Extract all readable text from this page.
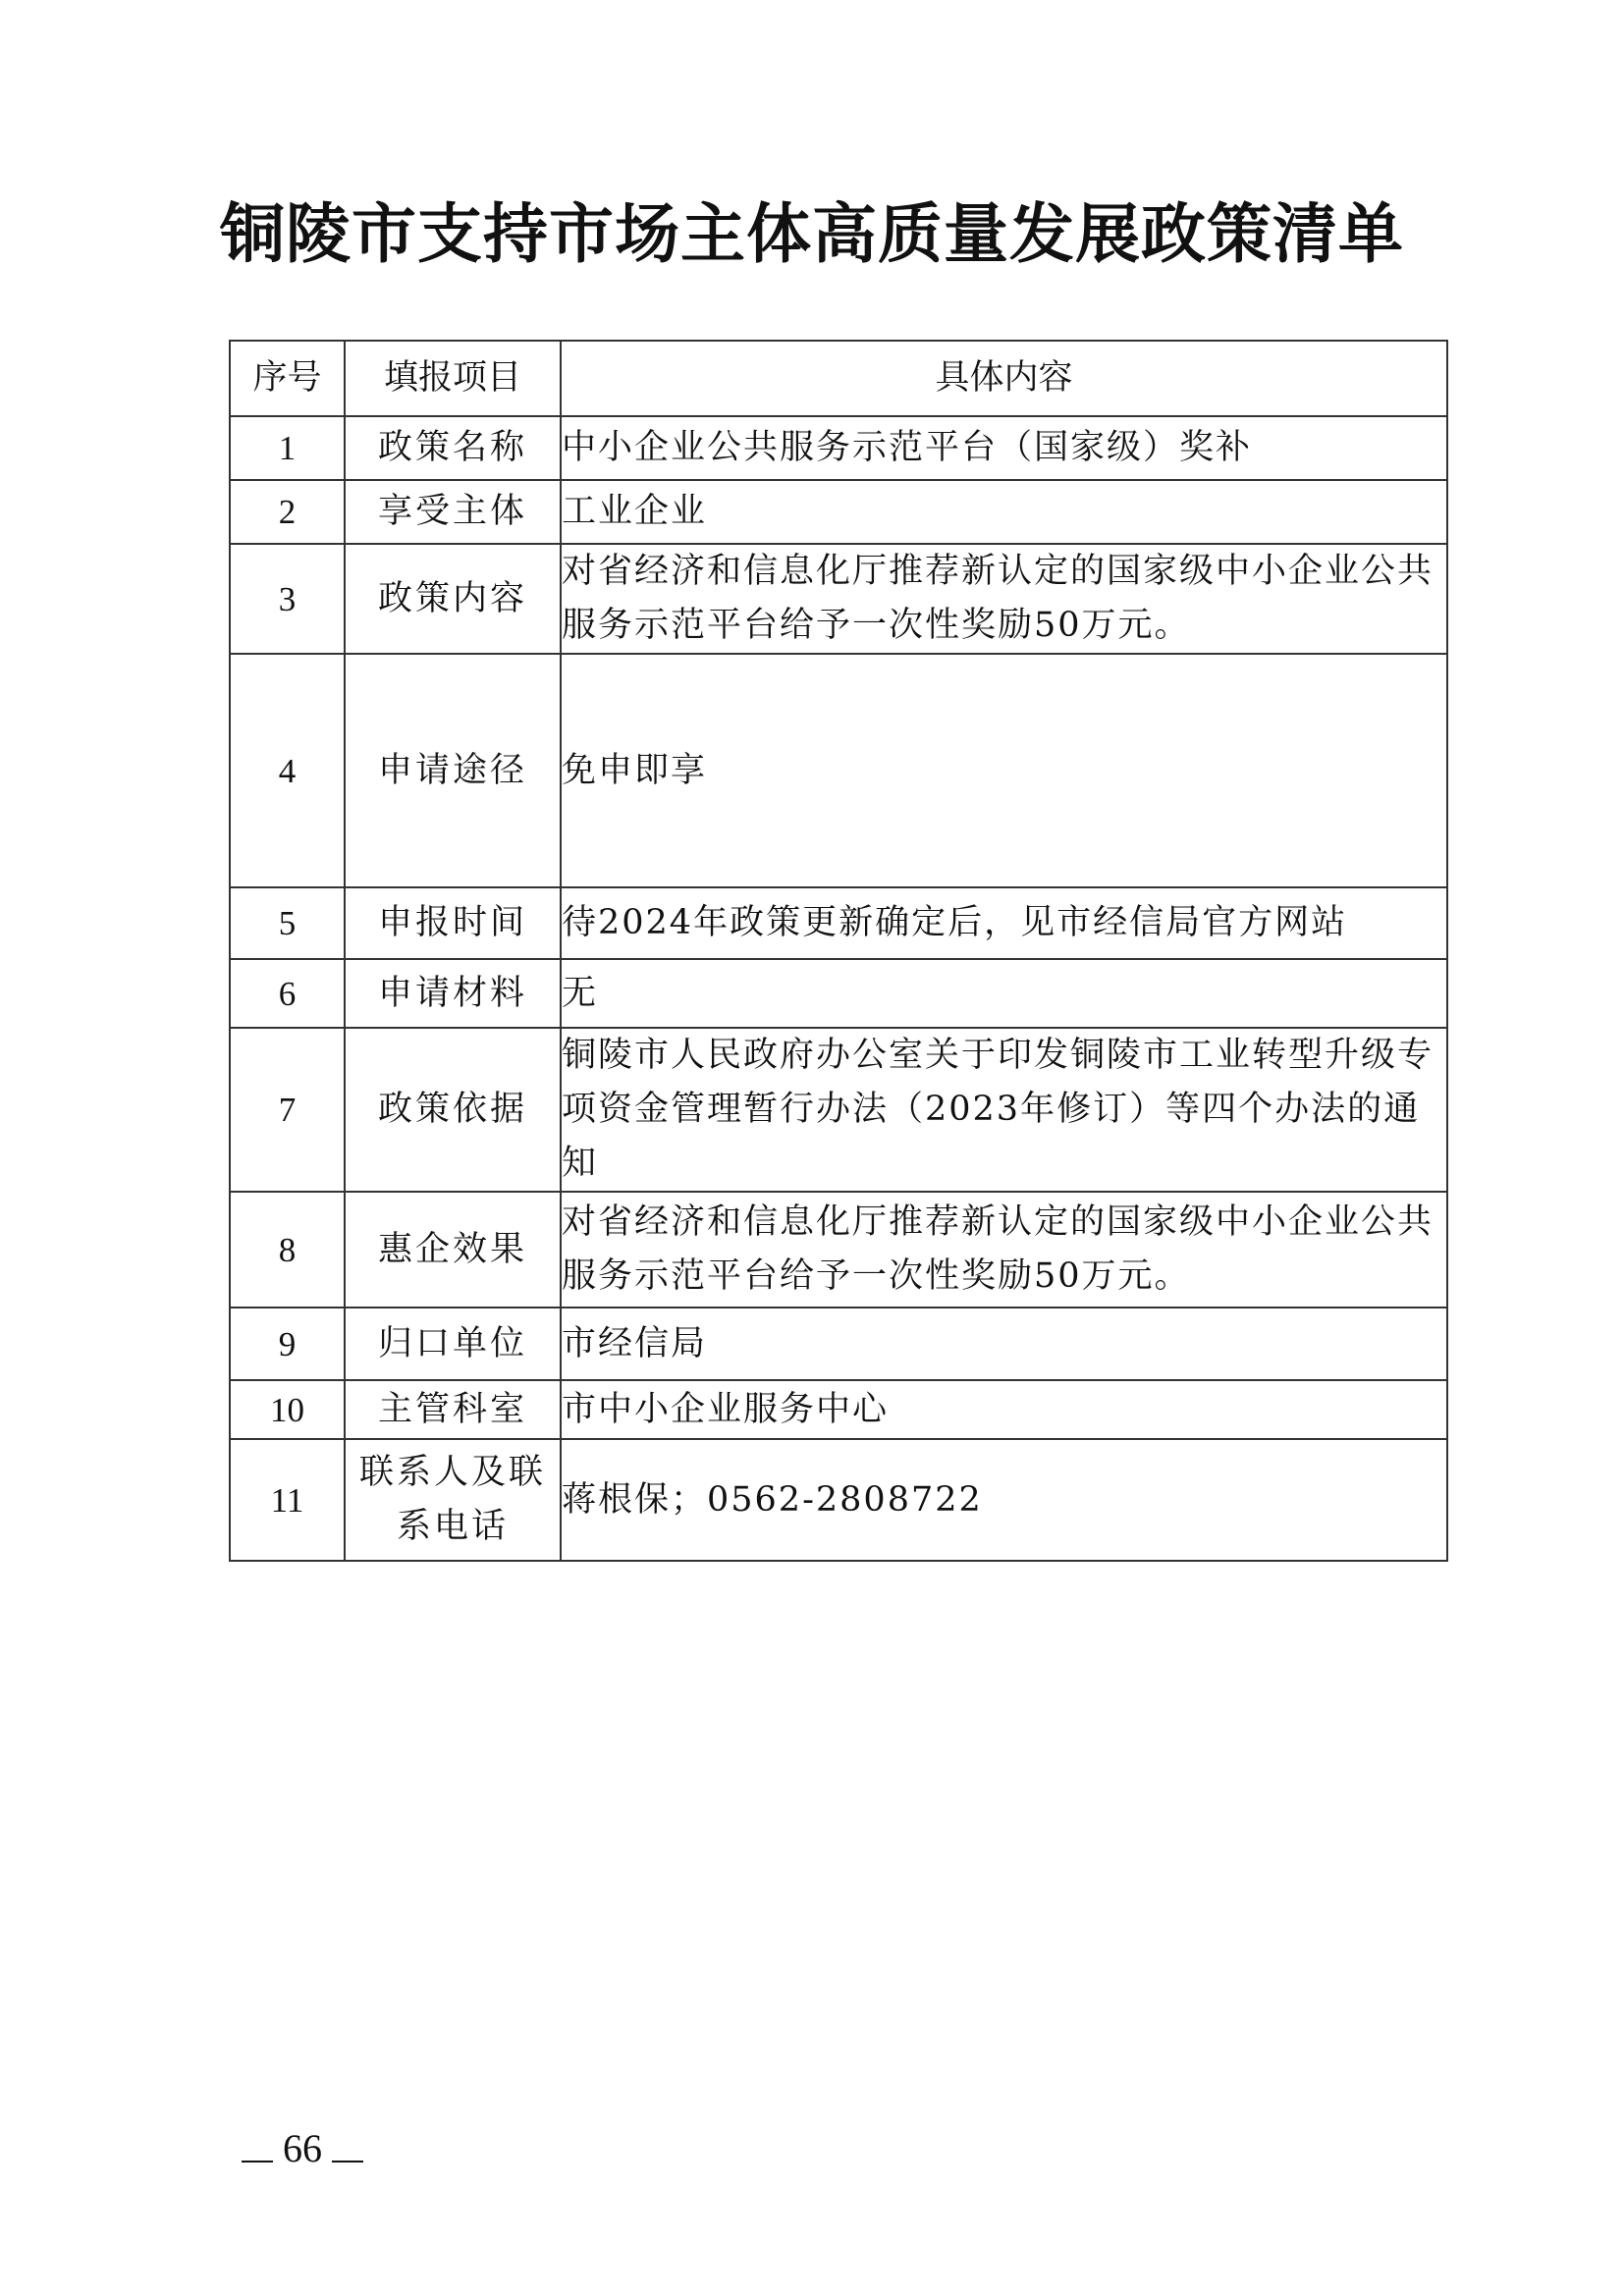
铜陵市支持市场主体高质量发展政策清单
序号	填报项目	具体内容
1	政策名称	中小企业公共服务示范平台（国家级）奖补
2	享受主体	工业企业
3	政策内容	对省经济和信息化厅推荐新认定的国家级中小企业公共服务示范平台给予一次性奖励50万元。
4	申请途径	免申即享
5	申报时间	待2024年政策更新确定后，见市经信局官方网站
6	申请材料	无
7	政策依据	铜陵市人民政府办公室关于印发铜陵市工业转型升级专项资金管理暂行办法（2023年修订）等四个办法的通知
8	惠企效果	对省经济和信息化厅推荐新认定的国家级中小企业公共服务示范平台给予一次性奖励50万元。
9	归口单位	市经信局
10	主管科室	市中小企业服务中心
11	联系人及联系电话	蒋根保；0562-2808722
66
